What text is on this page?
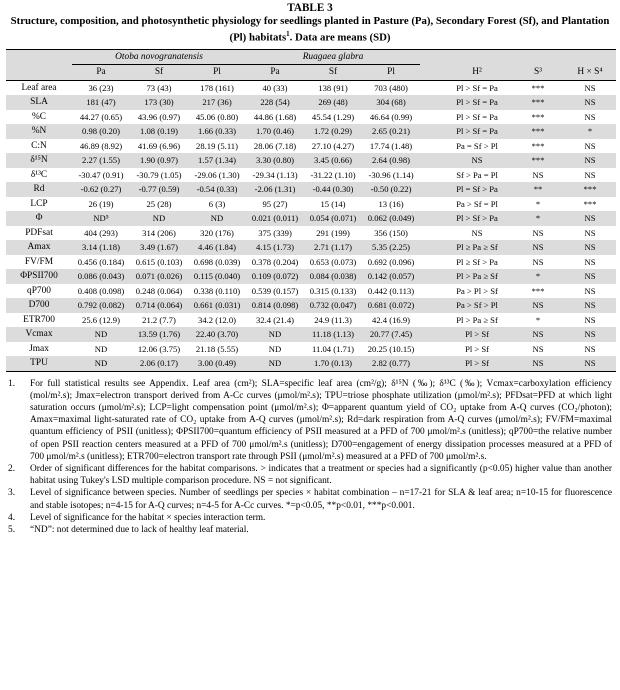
TABLE 3
Structure, composition, and photosynthetic physiology for seedlings planted in Pasture (Pa), Secondary Forest (Sf), and Plantation (Pl) habitats$^1$. Data are means (SD)
	Otoba novogranatensis			Ruagaea glabra						
	Pa	Sf	Pl	Pa	Sf	Pl		H²	S³	H × S⁴
Leaf area	36 (23)	73 (43)	178 (161)	40 (33)	138 (91)	703 (480)		Pl > Sf = Pa	***	NS
SLA	181 (47)	173 (30)	217 (36)	228 (54)	269 (48)	304 (68)		Pl > Sf = Pa	***	NS
%C	44.27 (0.65)	43.96 (0.97)	45.06 (0.80)	44.86 (1.68)	45.54 (1.29)	46.64 (0.99)		Pl > Sf = Pa	***	NS
%N	0.98 (0.20)	1.08 (0.19)	1.66 (0.33)	1.70 (0.46)	1.72 (0.29)	2.65 (0.21)		Pl > Sf = Pa	***	*
C:N	46.89 (8.92)	41.69 (6.96)	28.19 (5.11)	28.06 (7.18)	27.10 (4.27)	17.74 (1.48)		Pa = Sf > Pl	***	NS
δ¹⁵N	2.27 (1.55)	1.90 (0.97)	1.57 (1.34)	3.30 (0.80)	3.45 (0.66)	2.64 (0.98)		NS	***	NS
δ¹³C	-30.47 (0.91)	-30.79 (1.05)	-29.06 (1.30)	-29.34 (1.13)	-31.22 (1.10)	-30.96 (1.14)		Sf > Pa = Pl	NS	NS
Rd	-0.62 (0.27)	-0.77 (0.59)	-0.54 (0.33)	-2.06 (1.31)	-0.44 (0.30)	-0.50 (0.22)		Pl = Sf > Pa	**	***
LCP	26 (19)	25 (28)	6 (3)	95 (27)	15 (14)	13 (16)		Pa > Sf = Pl	*	***
Φ	ND⁵	ND	ND	0.021 (0.011)	0.054 (0.071)	0.062 (0.049)		Pl > Sf > Pa	*	NS
PDFsat	404 (293)	314 (206)	320 (176)	375 (339)	291 (199)	356 (150)		NS	NS	NS
Amax	3.14 (1.18)	3.49 (1.67)	4.46 (1.84)	4.15 (1.73)	2.71 (1.17)	5.35 (2.25)		Pl ≥ Pa ≥ Sf	NS	NS
FV/FM	0.456 (0.184)	0.615 (0.103)	0.698 (0.039)	0.378 (0.204)	0.653 (0.073)	0.692 (0.096)		Pl ≥ Sf > Pa	NS	NS
ΦPSII700	0.086 (0.043)	0.071 (0.026)	0.115 (0.040)	0.109 (0.072)	0.084 (0.038)	0.142 (0.057)		Pl > Pa ≥ Sf	*	NS
qP700	0.408 (0.098)	0.248 (0.064)	0.338 (0.110)	0.539 (0.157)	0.315 (0.133)	0.442 (0.113)		Pa > Pl > Sf	***	NS
D700	0.792 (0.082)	0.714 (0.064)	0.661 (0.031)	0.814 (0.098)	0.732 (0.047)	0.681 (0.072)		Pa > Sf > Pl	NS	NS
ETR700	25.6 (12.9)	21.2 (7.7)	34.2 (12.0)	32.4 (21.4)	24.9 (11.3)	42.4 (16.9)		Pl > Pa ≥ Sf	*	NS
Vcmax	ND	13.59 (1.76)	22.40 (3.70)	ND	11.18 (1.13)	20.77 (7.45)		Pl > Sf	NS	NS
Jmax	ND	12.06 (3.75)	21.18 (5.55)	ND	11.04 (1.71)	20.25 (10.15)		Pl > Sf	NS	NS
TPU	ND	2.06 (0.17)	3.00 (0.49)	ND	1.70 (0.13)	2.82 (0.77)		Pl > Sf	NS	NS
1.	For full statistical results see Appendix. Leaf area (cm²); SLA=specific leaf area (cm²/g); δ¹⁵N (‰); δ¹³C (‰); Vcmax=carboxylation efficiency (mol/m².s); Jmax=electron transport derived from A-Cc curves (μmol/m².s); TPU=triose phosphate utilization (μmol/m².s); PFDsat=PFD at which light saturation occurs (μmol/m².s); LCP=light compensation point (μmol/m².s); Φ=apparent quantum yield of CO₂ uptake from A-Q curves (CO₂/photon); Amax=maximal light-saturated rate of CO₂ uptake from A-Q curves (μmol/m².s); Rd=dark respiration from A-Q curves (μmol/m².s); FV/FM=maximal quantum efficiency of PSII (unitless); ΦPSII700=quantum efficiency of PSII measured at a PFD of 700 μmol/m².s (unitless); qP700=the relative number of open PSII reaction centers measured at a PFD of 700 μmol/m².s (unitless); D700=engagement of energy dissipation processes measured at a PFD of 700 μmol/m².s (unitless); ETR700=electron transport rate through PSII (μmol/m².s) measured at a PFD of 700 μmol/m².s.
2.	Order of significant differences for the habitat comparisons. > indicates that a treatment or species had a significantly (p<0.05) higher value than another habitat using Tukey's LSD multiple comparison procedure. NS = not significant.
3.	Level of significance between species. Number of seedlings per species × habitat combination – n=17-21 for SLA & leaf area; n=10-15 for fluorescence and stable isotopes; n=4-15 for A-Q curves; n=4-5 for A-Cc curves. *=p<0.05, **p<0.01, ***p<0.001.
4.	Level of significance for the habitat × species interaction term.
5.	“ND”: not determined due to lack of healthy leaf material.
